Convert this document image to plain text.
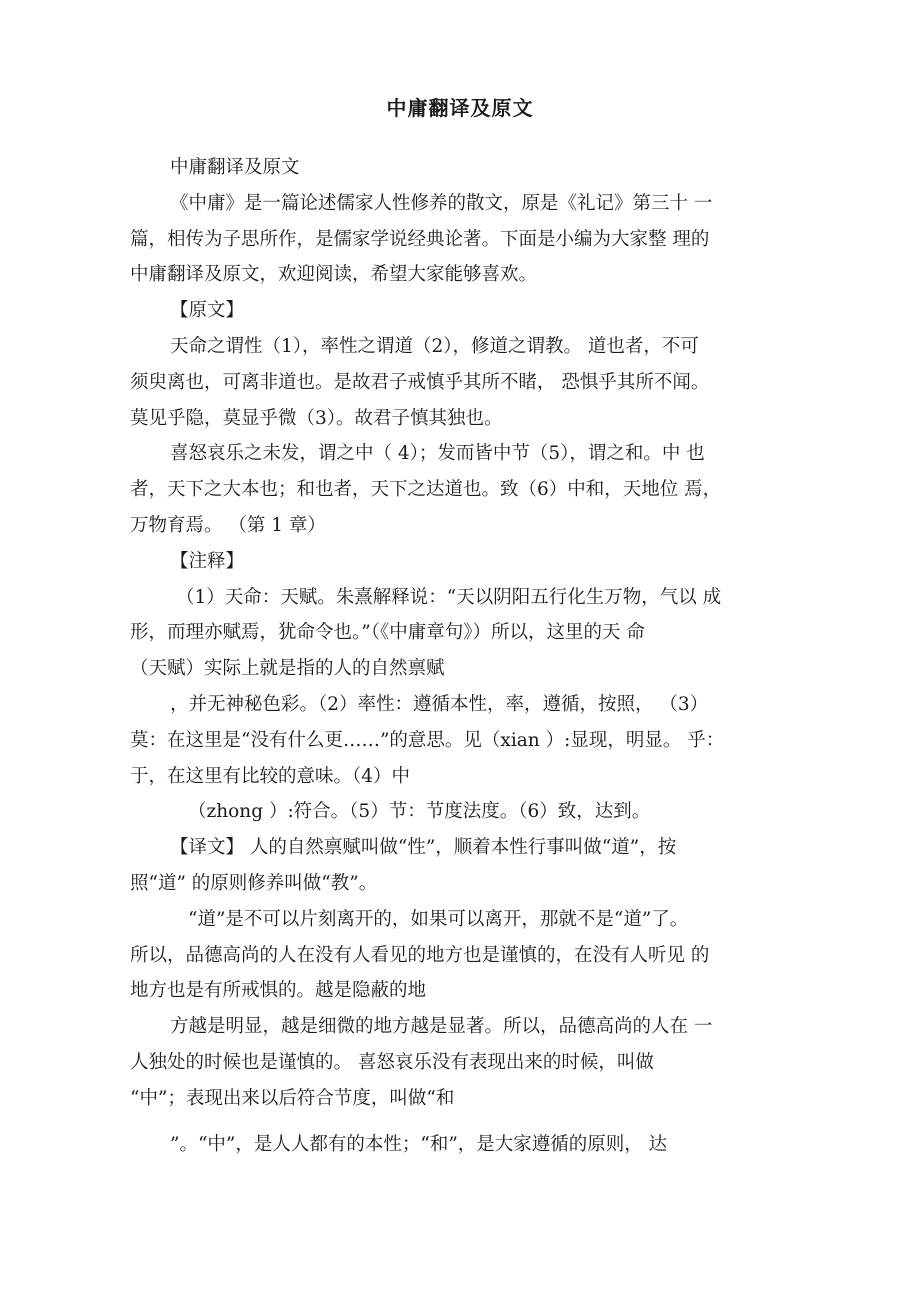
中庸翻译及原文
中庸翻译及原文
《中庸》是一篇论述儒家人性修养的散文，原是《礼记》第三十 一
篇，相传为子思所作，是儒家学说经典论著。下面是小编为大家整 理的
中庸翻译及原文，欢迎阅读，希望大家能够喜欢。
【原文】
天命之谓性（1），率性之谓道（2），修道之谓教。 道也者，不可
须臾离也，可离非道也。是故君子戒慎乎其所不睹， 恐惧乎其所不闻。
莫见乎隐，莫显乎微（3）。故君子慎其独也。
喜怒哀乐之未发，谓之中（ 4）；发而皆中节（5），谓之和。中 也
者，天下之大本也；和也者，天下之达道也。致（6）中和，天地位 焉，
万物育焉。 （第 1 章）
【注释】
（1）天命：天赋。朱熹解释说：“天以阴阳五行化生万物，气以 成
形，而理亦赋焉，犹命令也。”（《中庸章句》）所以，这里的天 命
（天赋）实际上就是指的人的自然禀赋
，并无神秘色彩。（2）率性：遵循本性，率，遵循，按照， （3）
莫：在这里是“没有什么更……”的意思。见（xian ）:显现，明显。 乎：
于，在这里有比较的意味。（4）中
（zhong ）:符合。（5）节：节度法度。（6）致，达到。
【译文】 人的自然禀赋叫做“性”，顺着本性行事叫做“道”，按
照“道” 的原则修养叫做“教”。
“道”是不可以片刻离开的，如果可以离开，那就不是“道”了。
所以，品德高尚的人在没有人看见的地方也是谨慎的，在没有人听见 的
地方也是有所戒惧的。越是隐蔽的地
方越是明显，越是细微的地方越是显著。所以，品德高尚的人在 一
人独处的时候也是谨慎的。 喜怒哀乐没有表现出来的时候，叫做
“中”；表现出来以后符合节度，叫做“和
”。“中”，是人人都有的本性；“和”，是大家遵循的原则， 达
